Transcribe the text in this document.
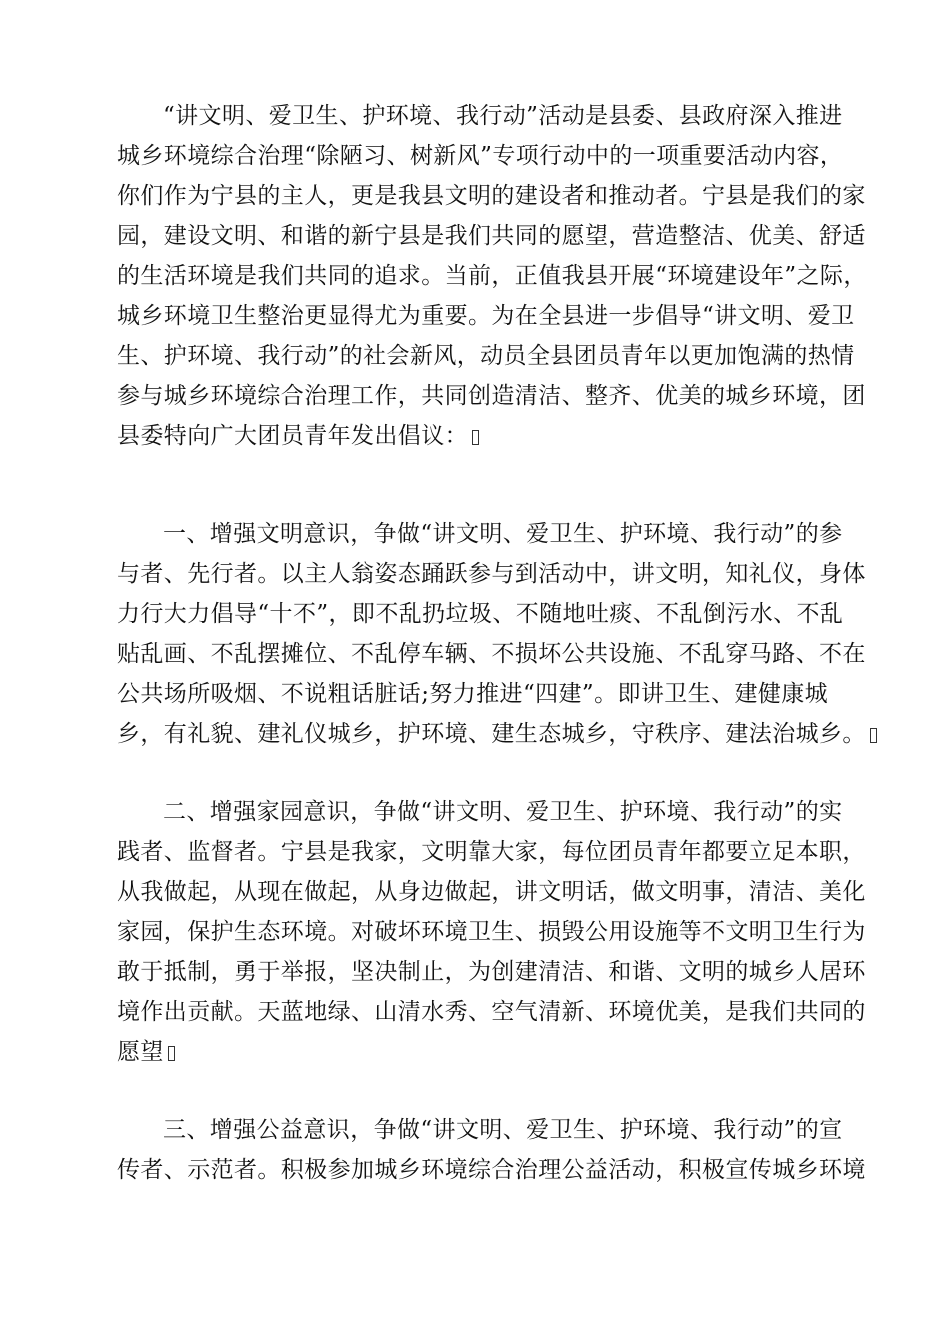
“讲文明、爱卫生、护环境、我行动”活动是县委、县政府深入推进
城乡环境综合治理“除陋习、树新风”专项行动中的一项重要活动内容，
你们作为宁县的主人，更是我县文明的建设者和推动者。宁县是我们的家
园，建设文明、和谐的新宁县是我们共同的愿望，营造整洁、优美、舒适
的生活环境是我们共同的追求。当前，正值我县开展“环境建设年”之际，
城乡环境卫生整治更显得尤为重要。为在全县进一步倡导“讲文明、爱卫
生、护环境、我行动”的社会新风，动员全县团员青年以更加饱满的热情
参与城乡环境综合治理工作，共同创造清洁、整齐、优美的城乡环境，团
县委特向广大团员青年发出倡议：
一、增强文明意识，争做“讲文明、爱卫生、护环境、我行动”的参
与者、先行者。以主人翁姿态踊跃参与到活动中，讲文明，知礼仪，身体
力行大力倡导“十不”，即不乱扔垃圾、不随地吐痰、不乱倒污水、不乱
贴乱画、不乱摆摊位、不乱停车辆、不损坏公共设施、不乱穿马路、不在
公共场所吸烟、不说粗话脏话;努力推进“四建”。即讲卫生、建健康城
乡，有礼貌、建礼仪城乡，护环境、建生态城乡，守秩序、建法治城乡。
二、增强家园意识，争做“讲文明、爱卫生、护环境、我行动”的实
践者、监督者。宁县是我家，文明靠大家，每位团员青年都要立足本职，
从我做起，从现在做起，从身边做起，讲文明话，做文明事，清洁、美化
家园，保护生态环境。对破坏环境卫生、损毁公用设施等不文明卫生行为
敢于抵制，勇于举报，坚决制止，为创建清洁、和谐、文明的城乡人居环
境作出贡献。天蓝地绿、山清水秀、空气清新、环境优美，是我们共同的
愿望
三、增强公益意识，争做“讲文明、爱卫生、护环境、我行动”的宣
传者、示范者。积极参加城乡环境综合治理公益活动，积极宣传城乡环境
